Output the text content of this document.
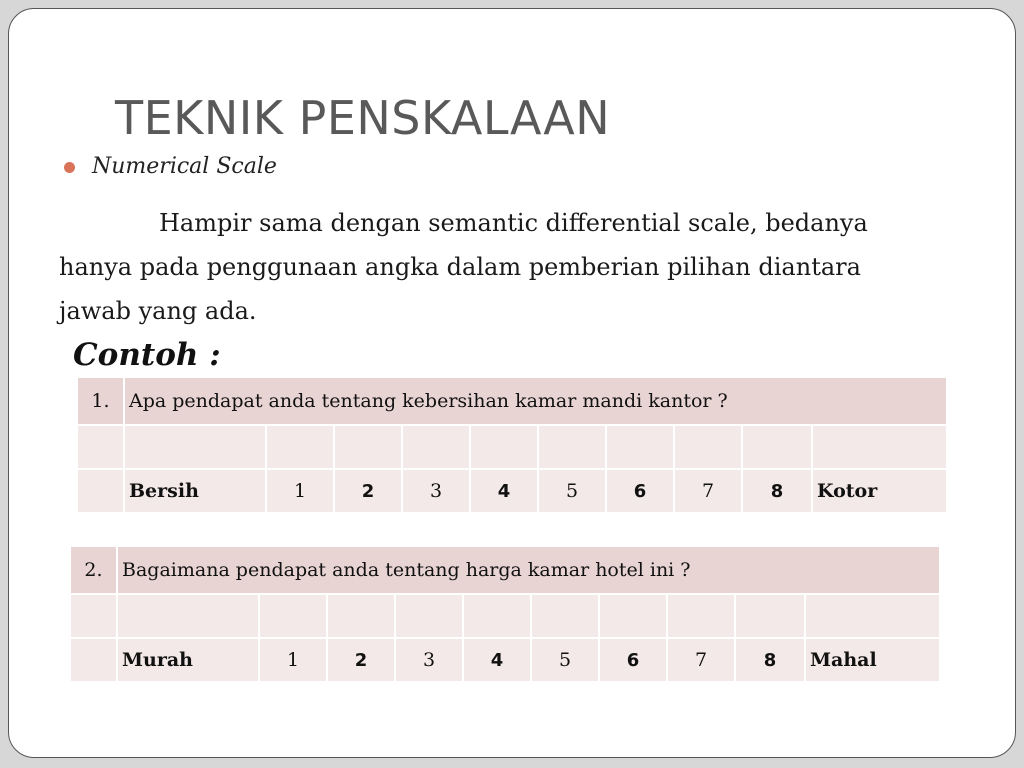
TEKNIK PENSKALAAN
Numerical Scale
Hampir sama dengan semantic differential scale, bedanya
hanya pada penggunaan angka dalam pemberian pilihan diantara
jawab yang ada.
Contoh :
1.	Apa pendapat anda tentang kebersihan kamar mandi kantor ?									

	Bersih	1	2	3	4	5	6	7	8	Kotor
2.	Bagaimana pendapat anda tentang harga kamar hotel ini ?									

	Murah	1	2	3	4	5	6	7	8	Mahal
